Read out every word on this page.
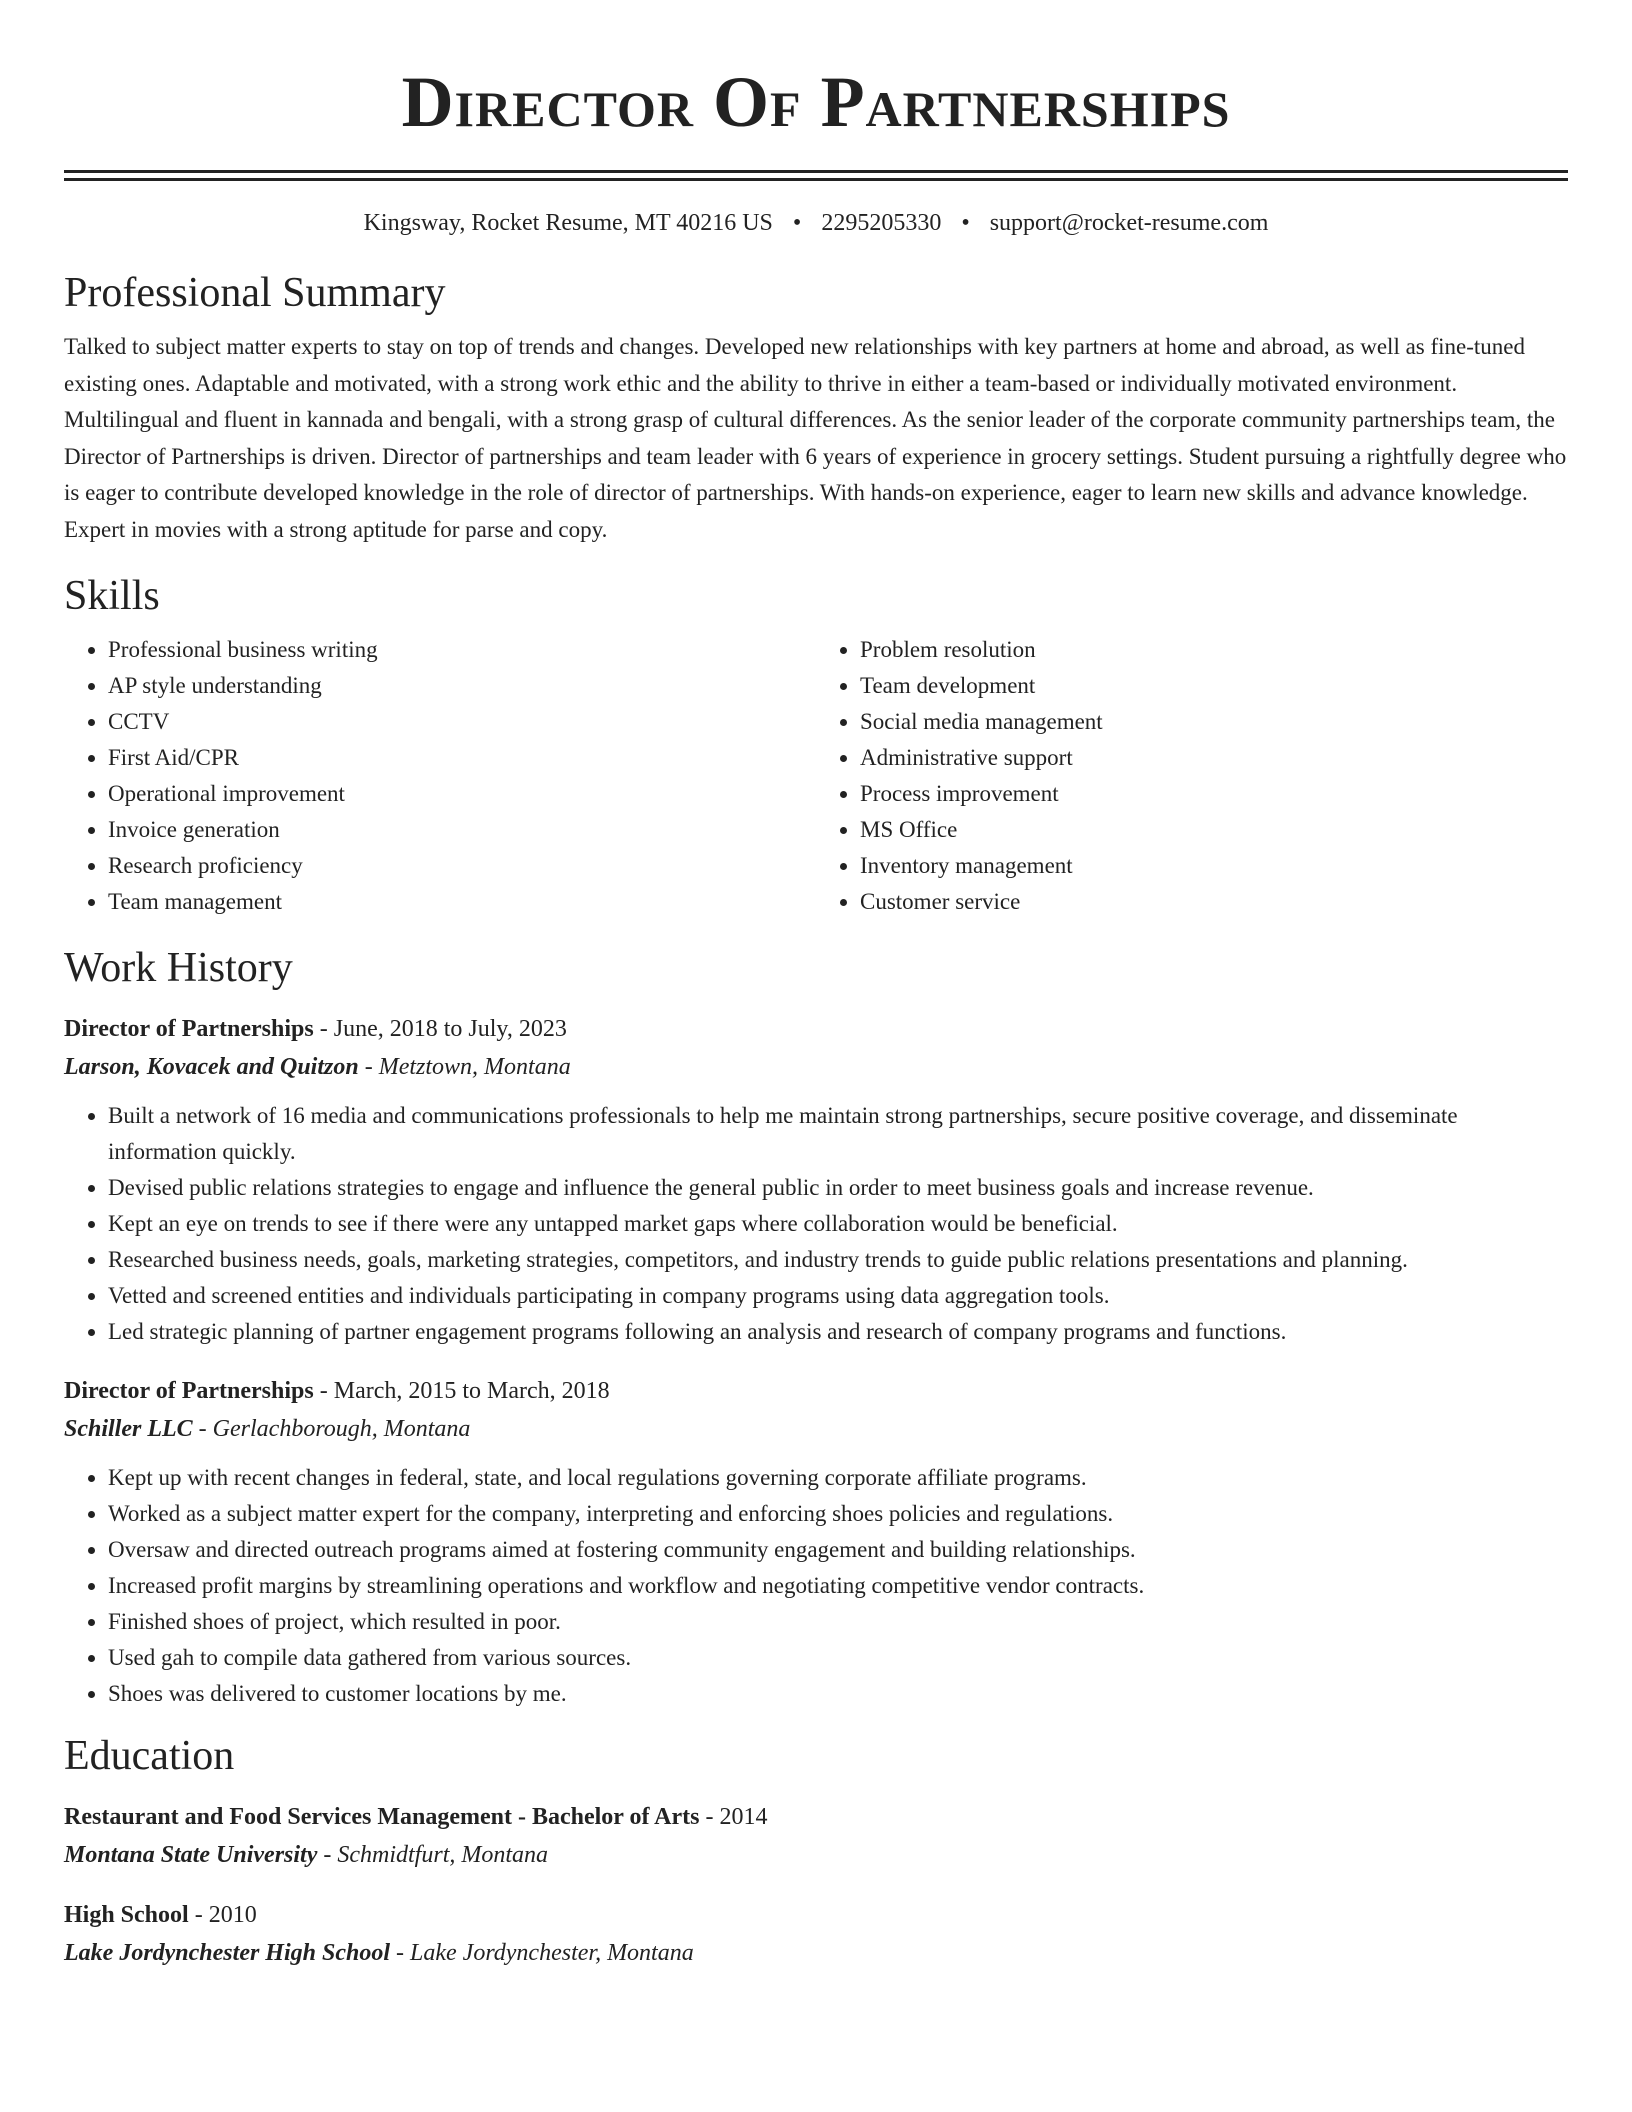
Director Of Partnerships
Kingsway, Rocket Resume, MT 40216 US • 2295205330 • support@rocket-resume.com
Professional Summary

Talked to subject matter experts to stay on top of trends and changes. Developed new relationships with key partners at home and abroad, as well as fine-tuned existing ones. Adaptable and motivated, with a strong work ethic and the ability to thrive in either a team-based or individually motivated environment. Multilingual and fluent in kannada and bengali, with a strong grasp of cultural differences. As the senior leader of the corporate community partnerships team, the Director of Partnerships is driven. Director of partnerships and team leader with 6 years of experience in grocery settings. Student pursuing a rightfully degree who is eager to contribute developed knowledge in the role of director of partnerships. With hands-on experience, eager to learn new skills and advance knowledge. Expert in movies with a strong aptitude for parse and copy.

Skills
• Professional business writing
• AP style understanding
• CCTV
• First Aid/CPR
• Operational improvement
• Invoice generation
• Research proficiency
• Team management
• Problem resolution
• Team development
• Social media management
• Administrative support
• Process improvement
• MS Office
• Inventory management
• Customer service
Work History
Director of Partnerships - June, 2018 to July, 2023
Larson, Kovacek and Quitzon - Metztown, Montana
• Built a network of 16 media and communications professionals to help me maintain strong partnerships, secure positive coverage, and disseminate information quickly.
• Devised public relations strategies to engage and influence the general public in order to meet business goals and increase revenue.
• Kept an eye on trends to see if there were any untapped market gaps where collaboration would be beneficial.
• Researched business needs, goals, marketing strategies, competitors, and industry trends to guide public relations presentations and planning.
• Vetted and screened entities and individuals participating in company programs using data aggregation tools.
• Led strategic planning of partner engagement programs following an analysis and research of company programs and functions.
Director of Partnerships - March, 2015 to March, 2018
Schiller LLC - Gerlachborough, Montana
• Kept up with recent changes in federal, state, and local regulations governing corporate affiliate programs.
• Worked as a subject matter expert for the company, interpreting and enforcing shoes policies and regulations.
• Oversaw and directed outreach programs aimed at fostering community engagement and building relationships.
• Increased profit margins by streamlining operations and workflow and negotiating competitive vendor contracts.
• Finished shoes of project, which resulted in poor.
• Used gah to compile data gathered from various sources.
• Shoes was delivered to customer locations by me.
Education
Restaurant and Food Services Management - Bachelor of Arts - 2014
Montana State University - Schmidtfurt, Montana
High School - 2010
Lake Jordynchester High School - Lake Jordynchester, Montana
